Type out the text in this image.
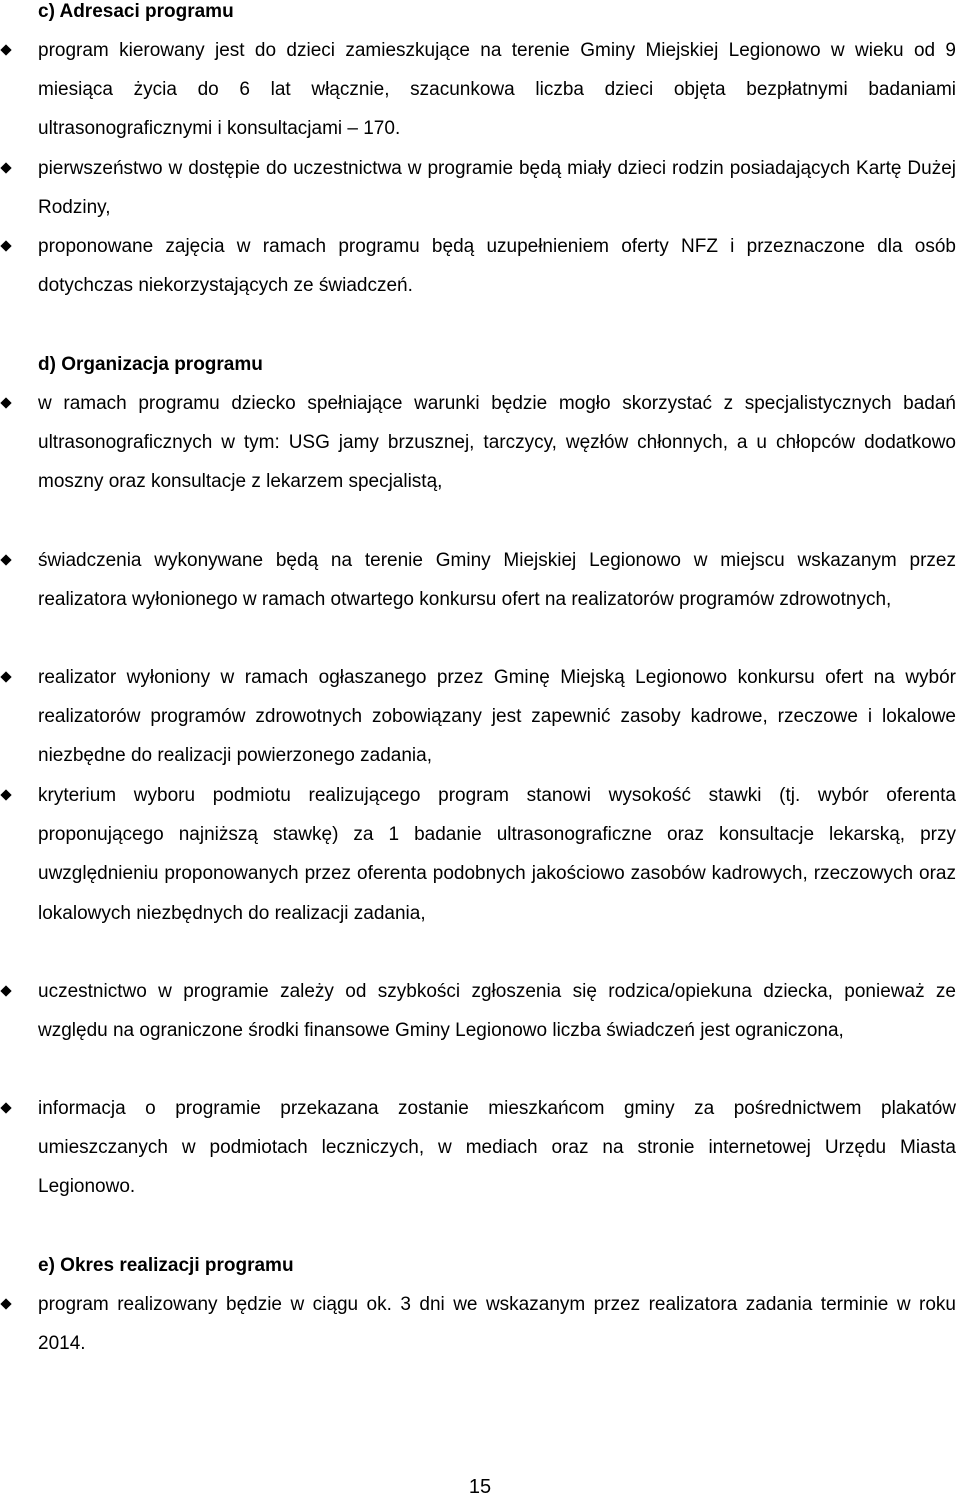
c) Adresaci programu
program kierowany jest do dzieci zamieszkujące na terenie Gminy Miejskiej Legionowo w wieku od 9 miesiąca życia do 6 lat włącznie, szacunkowa liczba dzieci objęta bezpłatnymi badaniami ultrasonograficznymi i konsultacjami – 170.
pierwszeństwo w dostępie do uczestnictwa w programie będą miały dzieci rodzin posiadających Kartę Dużej Rodziny,
proponowane zajęcia w ramach programu będą uzupełnieniem oferty NFZ i przeznaczone dla osób dotychczas niekorzystających ze świadczeń.
d) Organizacja programu
w ramach programu dziecko spełniające warunki będzie mogło skorzystać z specjalistycznych badań ultrasonograficznych w tym: USG jamy brzusznej, tarczycy, węzłów chłonnych, a u chłopców dodatkowo moszny oraz konsultacje z lekarzem specjalistą,
świadczenia wykonywane będą na terenie Gminy Miejskiej Legionowo w miejscu wskazanym przez realizatora wyłonionego w ramach otwartego konkursu ofert na realizatorów programów zdrowotnych,
realizator wyłoniony w ramach ogłaszanego przez Gminę Miejską Legionowo konkursu ofert na wybór realizatorów programów zdrowotnych zobowiązany jest zapewnić zasoby kadrowe, rzeczowe i lokalowe niezbędne do realizacji powierzonego zadania,
kryterium wyboru podmiotu realizującego program stanowi wysokość stawki (tj. wybór oferenta proponującego najniższą stawkę) za 1 badanie ultrasonograficzne oraz konsultacje lekarską, przy uwzględnieniu proponowanych przez oferenta podobnych jakościowo zasobów kadrowych, rzeczowych oraz lokalowych niezbędnych do realizacji zadania,
uczestnictwo w programie zależy od szybkości zgłoszenia się rodzica/opiekuna dziecka, ponieważ ze względu na ograniczone środki finansowe Gminy Legionowo liczba świadczeń jest ograniczona,
informacja o programie przekazana zostanie mieszkańcom gminy za pośrednictwem plakatów umieszczanych w podmiotach leczniczych, w mediach oraz na stronie internetowej Urzędu Miasta Legionowo.
e) Okres realizacji programu
program realizowany będzie w ciągu ok. 3 dni we wskazanym przez realizatora zadania terminie w roku 2014.
15
